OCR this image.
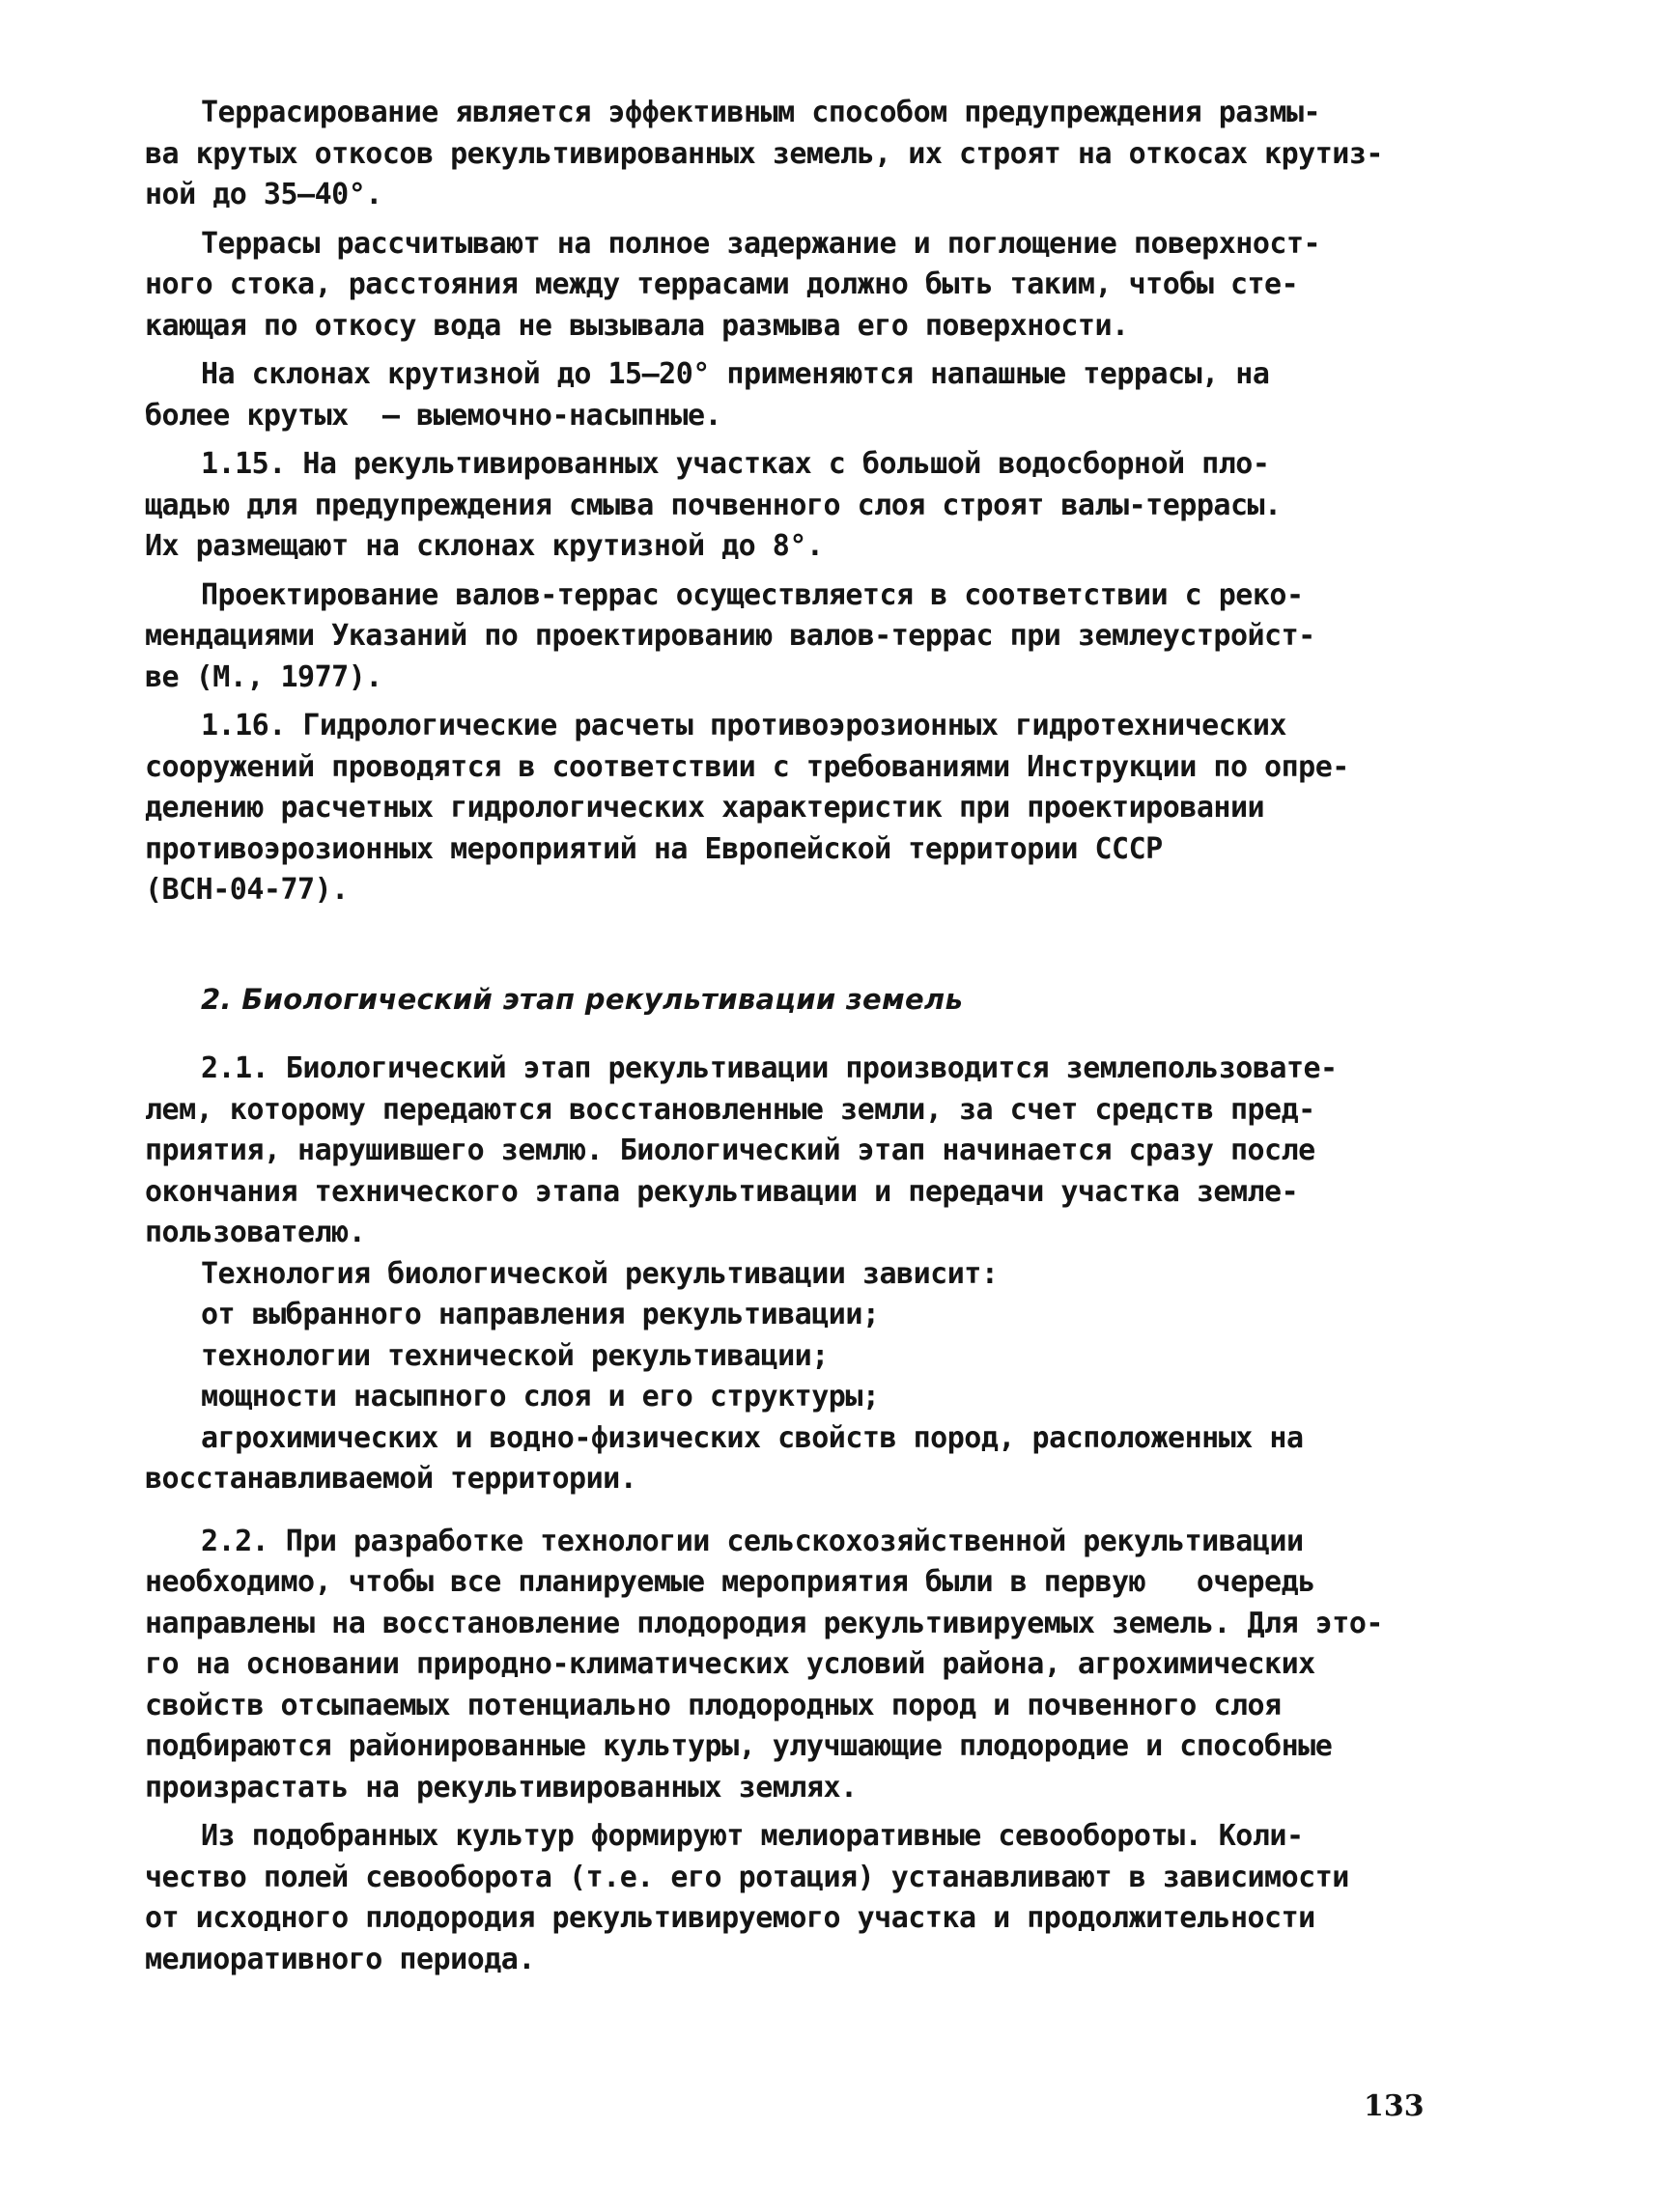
Террасирование является эффективным способом предупреждения размы-
ва крутых откосов рекультивированных земель, их строят на откосах крутиз-
ной до 35–40°.
Террасы рассчитывают на полное задержание и поглощение поверхност-
ного стока, расстояния между террасами должно быть таким, чтобы сте-
кающая по откосу вода не вызывала размыва его поверхности.
На склонах крутизной до 15–20° применяются напашные террасы, на
более крутых  – выемочно-насыпные.
1.15. На рекультивированных участках с большой водосборной пло-
щадью для предупреждения смыва почвенного слоя строят валы-террасы.
Их размещают на склонах крутизной до 8°.
Проектирование валов-террас осуществляется в соответствии с реко-
мендациями Указаний по проектированию валов-террас при землеустройст-
ве (М., 1977).
1.16. Гидрологические расчеты противоэрозионных гидротехнических
сооружений проводятся в соответствии с требованиями Инструкции по опре-
делению расчетных гидрологических характеристик при проектировании
противоэрозионных мероприятий на Европейской территории СССР
(ВСН-04-77).
2. Биологический этап рекультивации земель
2.1. Биологический этап рекультивации производится землепользовате-
лем, которому передаются восстановленные земли, за счет средств пред-
приятия, нарушившего землю. Биологический этап начинается сразу после
окончания технического этапа рекультивации и передачи участка земле-
пользователю.
Технология биологической рекультивации зависит:
от выбранного направления рекультивации;
технологии технической рекультивации;
мощности насыпного слоя и его структуры;
агрохимических и водно-физических свойств пород, расположенных на
восстанавливаемой территории.
2.2. При разработке технологии сельскохозяйственной рекультивации
необходимо, чтобы все планируемые мероприятия были в первую   очередь
направлены на восстановление плодородия рекультивируемых земель. Для это-
го на основании природно-климатических условий района, агрохимических
свойств отсыпаемых потенциально плодородных пород и почвенного слоя
подбираются районированные культуры, улучшающие плодородие и способные
произрастать на рекультивированных землях.
Из подобранных культур формируют мелиоративные севообороты. Коли-
чество полей севооборота (т.е. его ротация) устанавливают в зависимости
от исходного плодородия рекультивируемого участка и продолжительности
мелиоративного периода.
133
